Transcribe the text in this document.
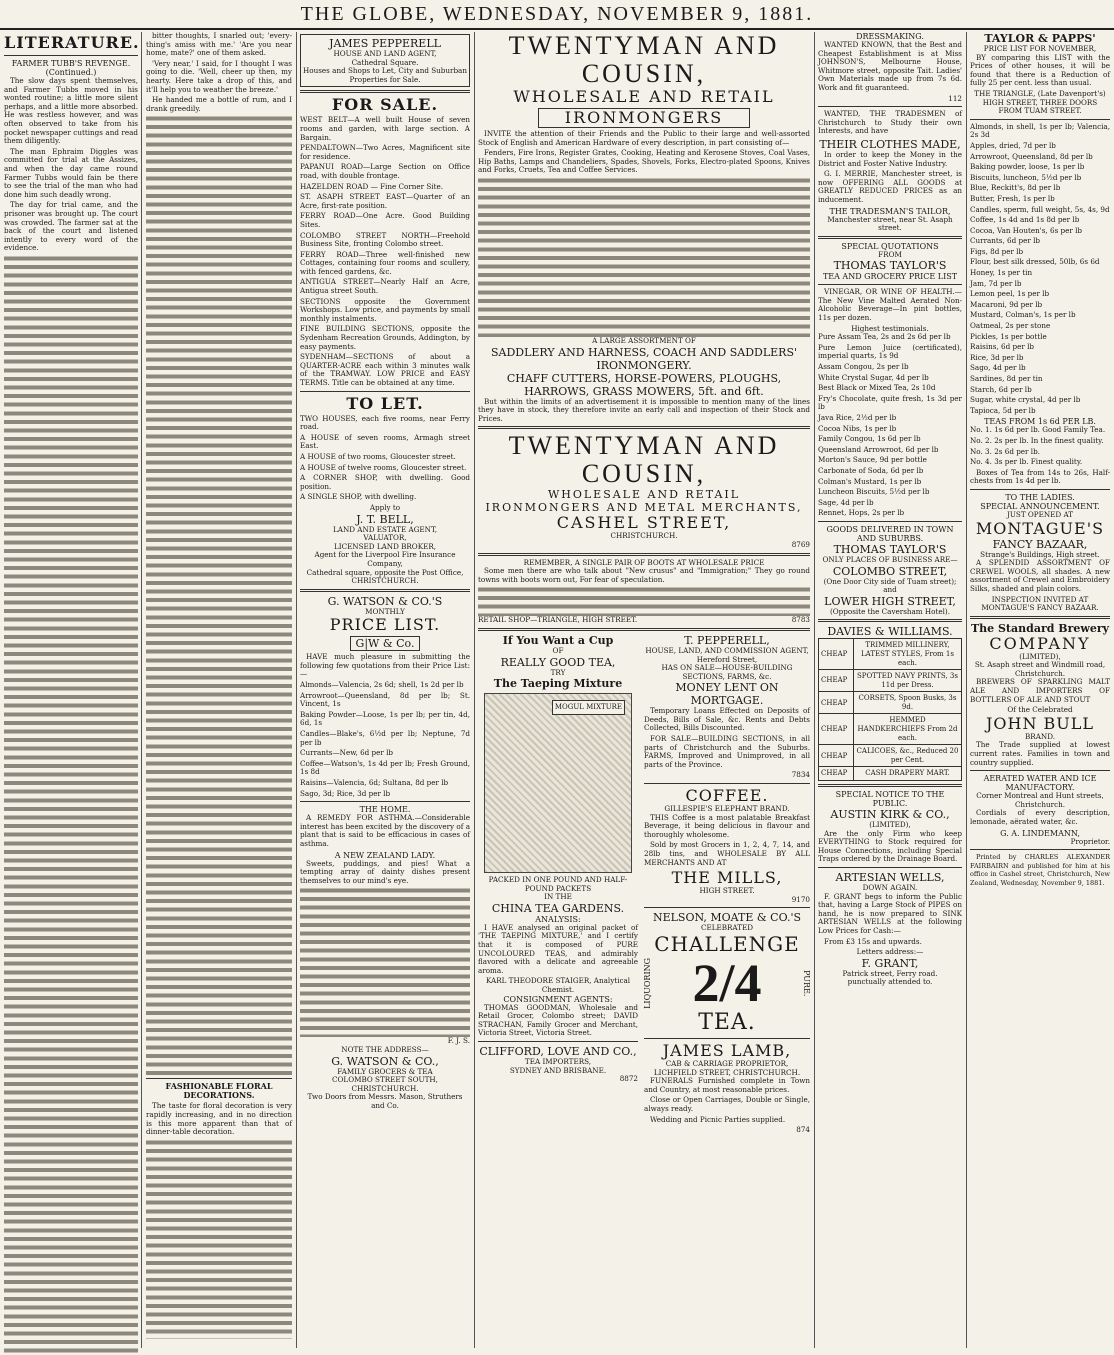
THE GLOBE, WEDNESDAY, NOVEMBER 9, 1881.
LITERATURE.
FARMER TUBB'S REVENGE.
(Continued.)

The slow days spent themselves, and Farmer Tubbs moved in his wonted routine; a little more silent perhaps, and a little more absorbed. He was restless however, and was often observed to take from his pocket newspaper cuttings and read them diligently.

The man Ephraim Diggles was committed for trial at the Assizes, and when the day came round Farmer Tubbs would fain be there to see the trial of the man who had done him such deadly wrong.

The day for trial came, and the prisoner was brought up. The court was crowded. The farmer sat at the back of the court and listened intently to every word of the evidence.

bitter thoughts, I snarled out; 'every-thing's amiss with me.' 'Are you near home, mate?' one of them asked.

'Very near,' I said, for I thought I was going to die. 'Well, cheer up then, my hearty. Here take a drop of this, and it'll help you to weather the breeze.'

He handed me a bottle of rum, and I drank greedily.

FASHIONABLE FLORAL DECORATIONS.

The taste for floral decoration is very rapidly increasing, and in no direction is this more apparent than that of dinner-table decoration.

JAMES PEPPERELL
HOUSE AND LAND AGENT,
Cathedral Square.
Houses and Shops to Let, City and Suburban Properties for Sale.
FOR SALE.
WEST BELT—A well built House of seven rooms and garden, with large section. A Bargain.
PENDALTOWN—Two Acres, Magnificent site for residence.
PAPANUI ROAD—Large Section on Office road, with double frontage.
HAZELDEN ROAD — Fine Corner Site.
ST. ASAPH STREET EAST—Quarter of an Acre, first-rate position.
FERRY ROAD—One Acre. Good Building Sites.
COLOMBO STREET NORTH—Freehold Business Site, fronting Colombo street.
FERRY ROAD—Three well-finished new Cottages, containing four rooms and scullery, with fenced gardens, &c.
ANTIGUA STREET—Nearly Half an Acre, Antigua street South.
SECTIONS opposite the Government Workshops. Low price, and payments by small monthly instalments.
FINE BUILDING SECTIONS, opposite the Sydenham Recreation Grounds, Addington, by easy payments.
SYDENHAM—SECTIONS of about a QUARTER-ACRE each within 3 minutes walk of the TRAMWAY. LOW PRICE and EASY TERMS. Title can be obtained at any time.
TO LET.
TWO HOUSES, each five rooms, near Ferry road.
A HOUSE of seven rooms, Armagh street East.
A HOUSE of two rooms, Gloucester street.
A HOUSE of twelve rooms, Gloucester street.
A CORNER SHOP, with dwelling. Good position.
A SINGLE SHOP, with dwelling.
Apply to
J. T. BELL,
LAND AND ESTATE AGENT,
VALUATOR,
LICENSED LAND BROKER,
Agent for the Liverpool Fire Insurance Company,
Cathedral square, opposite the Post Office, CHRISTCHURCH.
G. WATSON & CO.'S
MONTHLY
PRICE LIST.
G|W & Co.

HAVE much pleasure in submitting the following few quotations from their Price List:—

Almonds—Valencia, 2s 6d; shell, 1s 2d per lb
Arrowroot—Queensland, 8d per lb; St. Vincent, 1s
Baking Powder—Loose, 1s per lb; per tin, 4d, 6d, 1s
Candles—Blake's, 6½d per lb; Neptune, 7d per lb
Currants—New, 6d per lb
Coffee—Watson's, 1s 4d per lb; Fresh Ground, 1s 8d
Raisins—Valencia, 6d; Sultana, 8d per lb
Sago, 3d; Rice, 3d per lb
THE HOME.

A REMEDY FOR ASTHMA.—Considerable interest has been excited by the discovery of a plant that is said to be efficacious in cases of asthma.

A NEW ZEALAND LADY.

Sweets, puddings, and pies! What a tempting array of dainty dishes present themselves to our mind's eye.

F. J. S.
NOTE THE ADDRESS—
G. WATSON & CO.,
FAMILY GROCERS & TEA
COLOMBO STREET SOUTH, CHRISTCHURCH.
Two Doors from Messrs. Mason, Struthers and Co.
TWENTYMAN AND COUSIN,
WHOLESALE AND RETAIL
IRONMONGERS

INVITE the attention of their Friends and the Public to their large and well-assorted Stock of English and American Hardware of every description, in part consisting of—

Fenders, Fire Irons, Register Grates, Cooking, Heating and Kerosene Stoves, Coal Vases, Hip Baths, Lamps and Chandeliers, Spades, Shovels, Forks, Electro-plated Spoons, Knives and Forks, Cruets, Tea and Coffee Services.

A LARGE ASSORTMENT OF
SADDLERY AND HARNESS, COACH AND SADDLERS' IRONMONGERY.
CHAFF CUTTERS, HORSE-POWERS, PLOUGHS, HARROWS, GRASS MOWERS, 5ft. and 6ft.

But within the limits of an advertisement it is impossible to mention many of the lines they have in stock, they therefore invite an early call and inspection of their Stock and Prices.

TWENTYMAN AND COUSIN,
WHOLESALE AND RETAIL
IRONMONGERS AND METAL MERCHANTS,
CASHEL STREET,
CHRISTCHURCH.
8769
REMEMBER, A SINGLE PAIR OF BOOTS AT WHOLESALE PRICE

Some men there are who talk about "New crusus" and "Immigration;" They go round towns with boots worn out, For fear of speculation.

RETAIL SHOP—TRIANGLE, HIGH STREET.	8783
If You Want a Cup
OF
REALLY GOOD TEA,
TRY
The Taeping Mixture
MOGUL MIXTURE
PACKED IN ONE POUND AND HALF-POUND PACKETS
IN THE
CHINA TEA GARDENS.
ANALYSIS:

I HAVE analysed an original packet of 'THE TAEPING MIXTURE,' and I certify that it is composed of PURE UNCOLOURED TEAS, and admirably flavored with a delicate and agreeable aroma.

KARL THEODORE STAIGER, Analytical Chemist.
CONSIGNMENT AGENTS:

THOMAS GOODMAN, Wholesale and Retail Grocer, Colombo street; DAVID STRACHAN, Family Grocer and Merchant, Victoria Street, Victoria Street.

CLIFFORD, LOVE AND CO.,
TEA IMPORTERS,
SYDNEY AND BRISBANE.
8872
T. PEPPERELL,
HOUSE, LAND, AND COMMISSION AGENT,
Hereford Street,
HAS ON SALE—HOUSE-BUILDING SECTIONS, FARMS, &c.
MONEY LENT ON MORTGAGE.

Temporary Loans Effected on Deposits of Deeds, Bills of Sale, &c. Rents and Debts Collected, Bills Discounted.

FOR SALE—BUILDING SECTIONS, in all parts of Christchurch and the Suburbs. FARMS, Improved and Unimproved, in all parts of the Province.

7834
COFFEE.
GILLESPIE'S ELEPHANT BRAND.

THIS Coffee is a most palatable Breakfast Beverage, it being delicious in flavour and thoroughly wholesome.

Sold by most Grocers in 1, 2, 4, 7, 14, and 28lb tins, and WHOLESALE BY ALL MERCHANTS AND AT

THE MILLS,
HIGH STREET.
9170
NELSON, MOATE & CO.'S
CELEBRATED
CHALLENGE
LIQUORING 2/4	PURE.
TEA.
JAMES LAMB,
CAB & CARRIAGE PROPRIETOR,
LICHFIELD STREET, CHRISTCHURCH.

FUNERALS Furnished complete in Town and Country, at most reasonable prices.

Close or Open Carriages, Double or Single, always ready.

Wedding and Picnic Parties supplied.

874
DRESSMAKING.

WANTED KNOWN, that the Best and Cheapest Establishment is at Miss JOHNSON'S, Melbourne House, Whitmore street, opposite Tait. Ladies' Own Materials made up from 7s 6d. Work and fit guaranteed.

112

WANTED, THE TRADESMEN of Christchurch to Study their own Interests, and have

THEIR CLOTHES MADE,

In order to keep the Money in the District and Foster Native Industry.

G. I. MERRIE, Manchester street, is now OFFERING ALL GOODS at GREATLY REDUCED PRICES as an inducement.

THE TRADESMAN'S TAILOR,
Manchester street, near St. Asaph street.
SPECIAL QUOTATIONS
FROM
THOMAS TAYLOR'S
TEA AND GROCERY PRICE LIST

VINEGAR, OR WINE OF HEALTH.—The New Vine Malted Aerated Non-Alcoholic Beverage—In pint bottles, 11s per dozen.

Highest testimonials.
Pure Assam Tea, 2s and 2s 6d per lb
Pure Lemon Juice (certificated), imperial quarts, 1s 9d
Assam Congou, 2s per lb
White Crystal Sugar, 4d per lb
Best Black or Mixed Tea, 2s 10d
Fry's Chocolate, quite fresh, 1s 3d per lb
Java Rice, 2½d per lb
Cocoa Nibs, 1s per lb
Family Congou, 1s 6d per lb
Queensland Arrowroot, 6d per lb
Morton's Sauce, 9d per bottle
Carbonate of Soda, 6d per lb
Colman's Mustard, 1s per lb
Luncheon Biscuits, 5½d per lb
Sage, 4d per lb
Rennet, Hops, 2s per lb
GOODS DELIVERED IN TOWN AND SUBURBS.
THOMAS TAYLOR'S
ONLY PLACES OF BUSINESS ARE—
COLOMBO STREET,
(One Door City side of Tuam street); and
LOWER HIGH STREET,
(Opposite the Caversham Hotel).
DAVIES & WILLIAMS.
CHEAP	TRIMMED MILLINERY, LATEST STYLES, From 1s each.
CHEAP	SPOTTED NAVY PRINTS, 3s 11d per Dress.
CHEAP	CORSETS, Spoon Busks, 3s 9d.
CHEAP	HEMMED HANDKERCHIEFS From 2d each.
CHEAP	CALICOES, &c., Reduced 20 per Cent.
CHEAP	CASH DRAPERY MART.
SPECIAL NOTICE TO THE PUBLIC.
AUSTIN KIRK & CO.,
(LIMITED),

Are the only Firm who keep EVERYTHING to Stock required for House Connections, including Special Traps ordered by the Drainage Board.

ARTESIAN WELLS,
DOWN AGAIN.

F. GRANT begs to inform the Public that, having a Large Stock of PIPES on hand, he is now prepared to SINK ARTESIAN WELLS at the following Low Prices for Cash:—

From £3 15s and upwards.

Letters address:—
F. GRANT,
Patrick street, Ferry road.
punctually attended to.
TAYLOR & PAPPS'
PRICE LIST FOR NOVEMBER,

BY comparing this LIST with the Prices of other houses, it will be found that there is a Reduction of fully 25 per cent. less than usual.

THE TRIANGLE, (Late Davenport's)
HIGH STREET, THREE DOORS FROM TUAM STREET.
Almonds, in shell, 1s per lb; Valencia, 2s 3d
Apples, dried, 7d per lb
Arrowroot, Queensland, 8d per lb
Baking powder, loose, 1s per lb
Biscuits, luncheon, 5½d per lb
Blue, Reckitt's, 8d per lb
Butter, Fresh, 1s per lb
Candles, sperm, full weight, 5s, 4s, 9d
Coffee, 1s 4d and 1s 8d per lb
Cocoa, Van Houten's, 6s per lb
Currants, 6d per lb
Figs, 8d per lb
Flour, best silk dressed, 50lb, 6s 6d
Honey, 1s per tin
Jam, 7d per lb
Lemon peel, 1s per lb
Macaroni, 9d per lb
Mustard, Colman's, 1s per lb
Oatmeal, 2s per stone
Pickles, 1s per bottle
Raisins, 6d per lb
Rice, 3d per lb
Sago, 4d per lb
Sardines, 8d per tin
Starch, 6d per lb
Sugar, white crystal, 4d per lb
Tapioca, 5d per lb
TEAS FROM 1s 6d PER LB.
No. 1. 1s 6d per lb. Good Family Tea.
No. 2. 2s per lb. In the finest quality.
No. 3. 2s 6d per lb.
No. 4. 3s per lb. Finest quality.

Boxes of Tea from 14s to 26s, Half-chests from 1s 4d per lb.

TO THE LADIES.
SPECIAL ANNOUNCEMENT.
JUST OPENED AT
MONTAGUE'S
FANCY BAZAAR,
Strange's Buildings, High street.

A SPLENDID ASSORTMENT OF CREWEL WOOLS, all shades. A new assortment of Crewel and Embroidery Silks, shaded and plain colors.

INSPECTION INVITED AT
MONTAGUE'S FANCY BAZAAR.
The Standard Brewery
COMPANY
(LIMITED),
St. Asaph street and Windmill road, Christchurch.

BREWERS OF SPARKLING MALT ALE AND IMPORTERS OF BOTTLERS OF ALE AND STOUT

Of the Celebrated
JOHN BULL
BRAND.

The Trade supplied at lowest current rates. Families in town and country supplied.

AERATED WATER AND ICE MANUFACTORY.
Corner Montreal and Hunt streets, Christchurch.

Cordials of every description, lemonade, aërated water, &c.

G. A. LINDEMANN,
Proprietor.

Printed by CHARLES ALEXANDER FAIRBAIRN and published for him at his office in Cashel street, Christchurch, New Zealand, Wednesday, November 9, 1881.
